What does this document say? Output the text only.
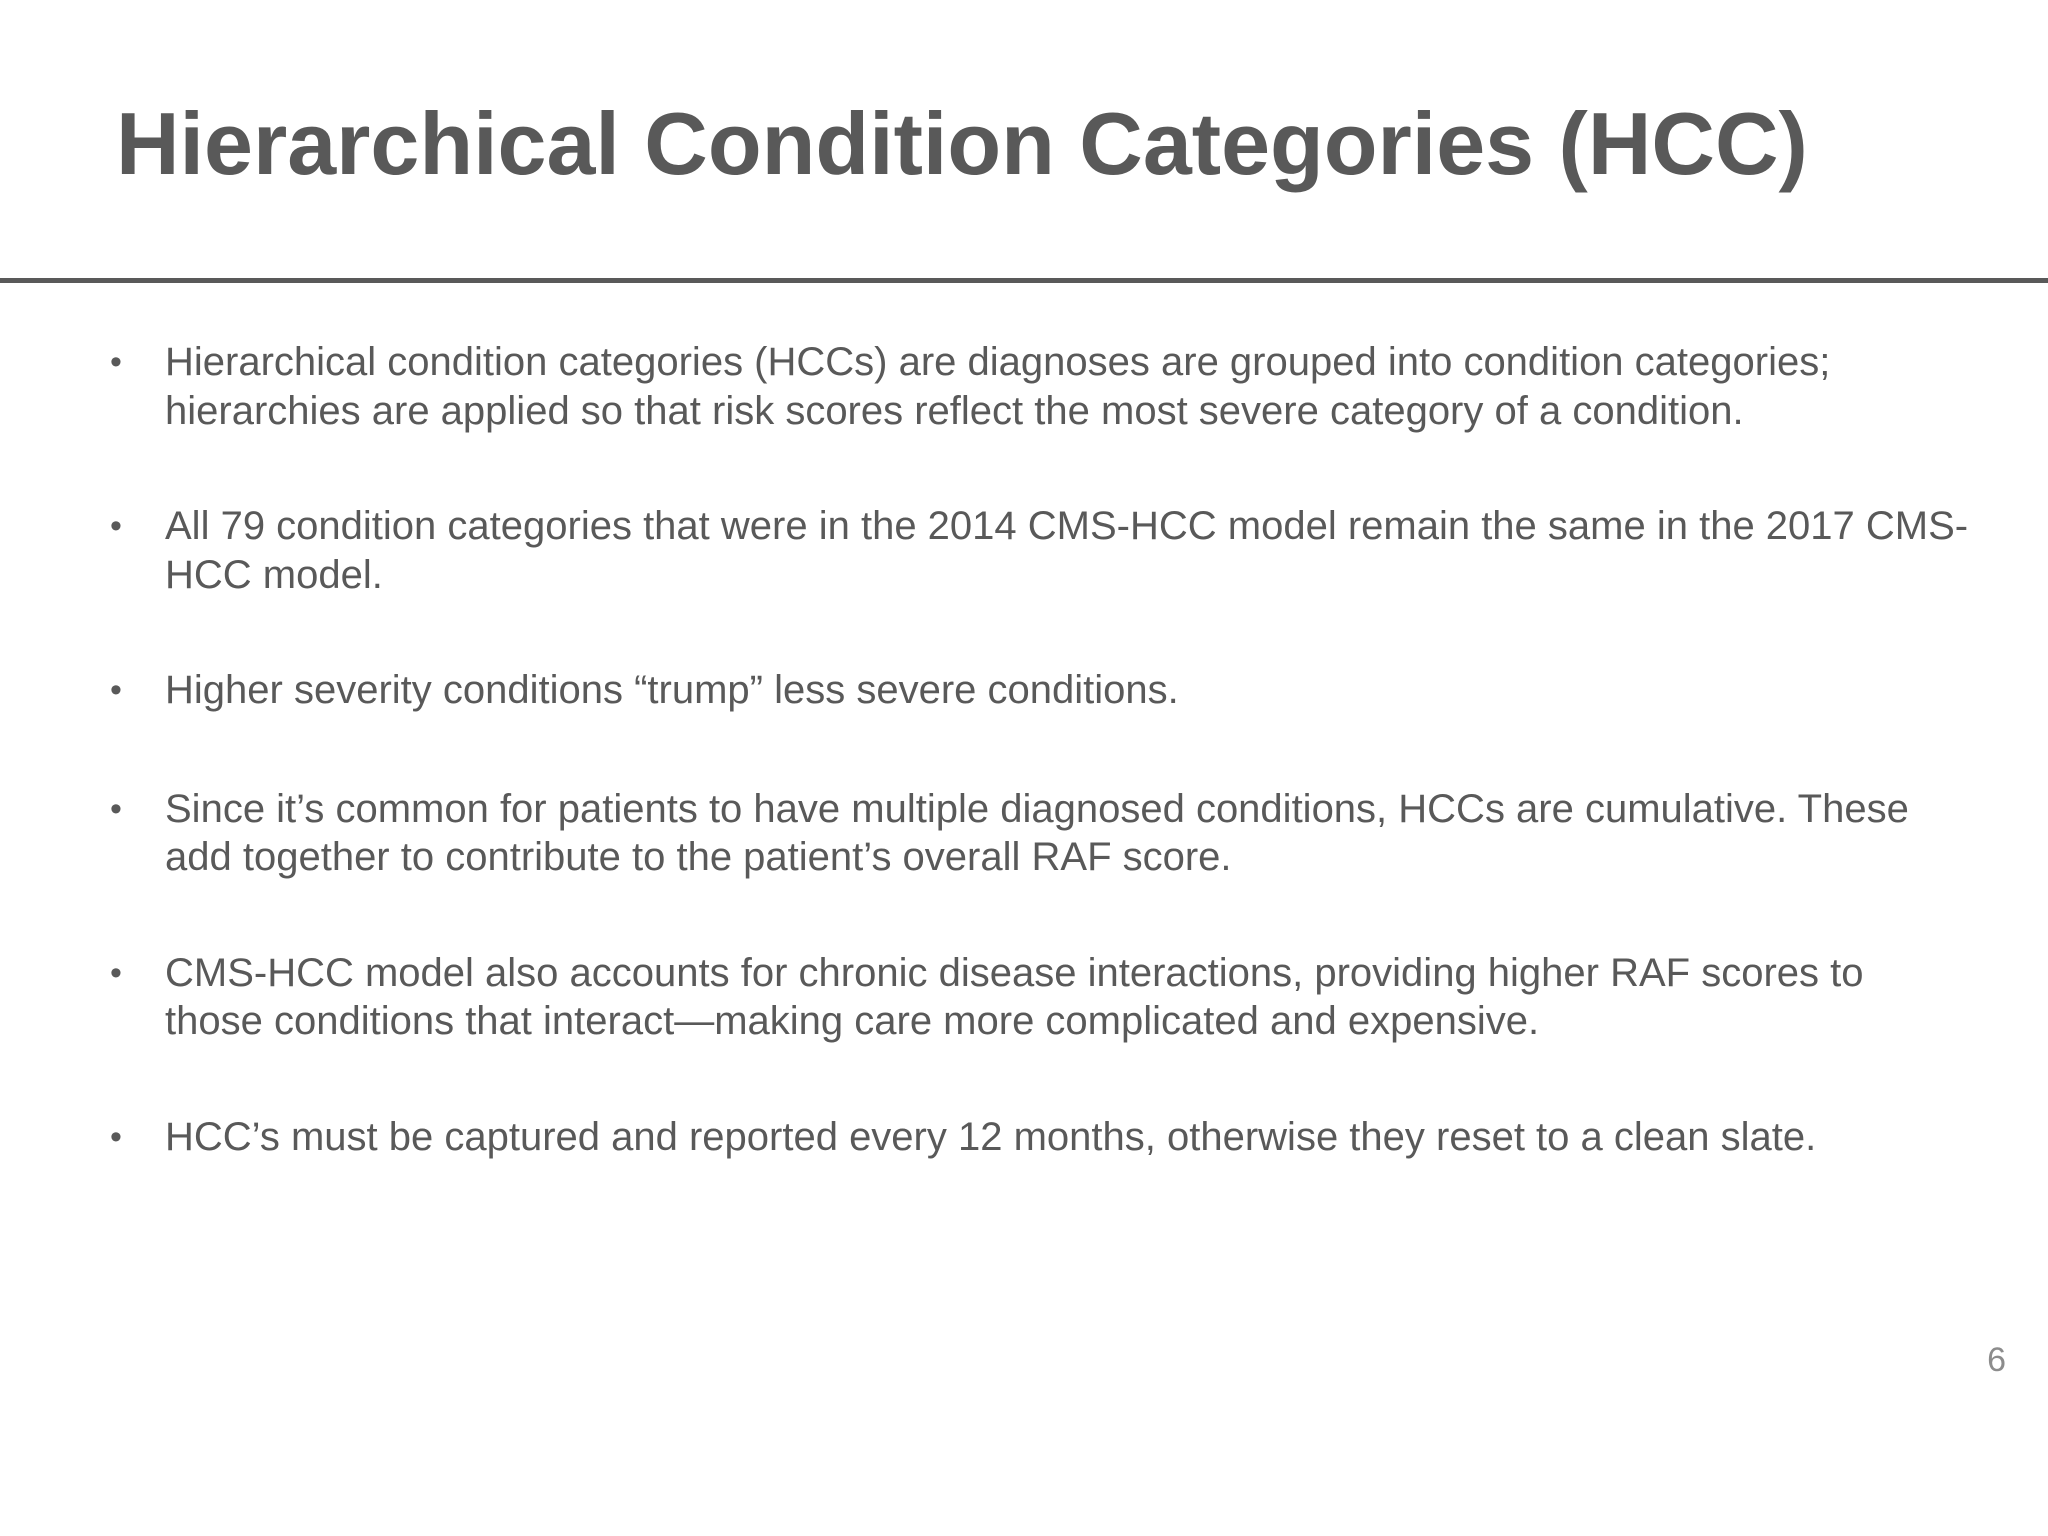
Hierarchical Condition Categories (HCC)
•	Hierarchical condition categories (HCCs) are diagnoses are grouped into condition categories; hierarchies are applied so that risk scores reflect the most severe category of a condition.
•	All 79 condition categories that were in the 2014 CMS-HCC model remain the same in the 2017 CMS-HCC model.
•	Higher severity conditions “trump” less severe conditions.
•	Since it’s common for patients to have multiple diagnosed conditions, HCCs are cumulative. These add together to contribute to the patient’s overall RAF score.
•	CMS-HCC model also accounts for chronic disease interactions, providing higher RAF scores to those conditions that interact—making care more complicated and expensive.
•	HCC’s must be captured and reported every 12 months, otherwise they reset to a clean slate.
6
